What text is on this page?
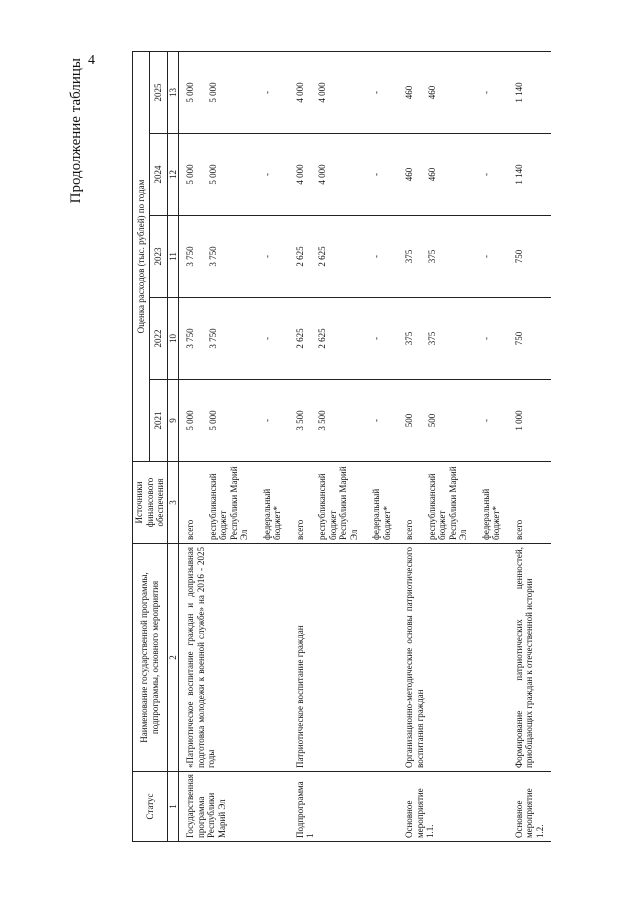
4
Продолжение таблицы
Статус	Наименование государственной программы, подпрограммы, основного мероприятия	Источники финансового обеспечения	Оценка расходов (тыс. рублей) по годам				
			2021	2022	2023	2024	2025
1	2	3	9	10	11	12	13
Государственная программа Республики Марий Эл	«Патриотическое воспитание граждан и допризывная подготовка молодежи к военной службе» на 2016 - 2025 годы	всего	5 000	3 750	3 750	5 000	5 000
		республиканский бюджет Республики Марий Эл	5 000	3 750	3 750	5 000	5 000
		федеральный бюджет*	-	-	-	-	-
Подпрограмма 1	Патриотическое воспитание граждан	всего	3 500	2 625	2 625	4 000	4 000
		республиканский бюджет Республики Марий Эл	3 500	2 625	2 625	4 000	4 000
		федеральный бюджет*	-	-	-	-	-
Основное мероприятие 1.1.	Организационно-методические основы патриотического воспитания граждан	всего	500	375	375	460	460
		республиканский бюджет Республики Марий Эл	500	375	375	460	460
		федеральный бюджет*	-	-	-	-	-
Основное мероприятие 1.2.	Формирование патриотических ценностей, приобщающих граждан к отечественной истории	всего	1 000	750	750	1 140	1 140
